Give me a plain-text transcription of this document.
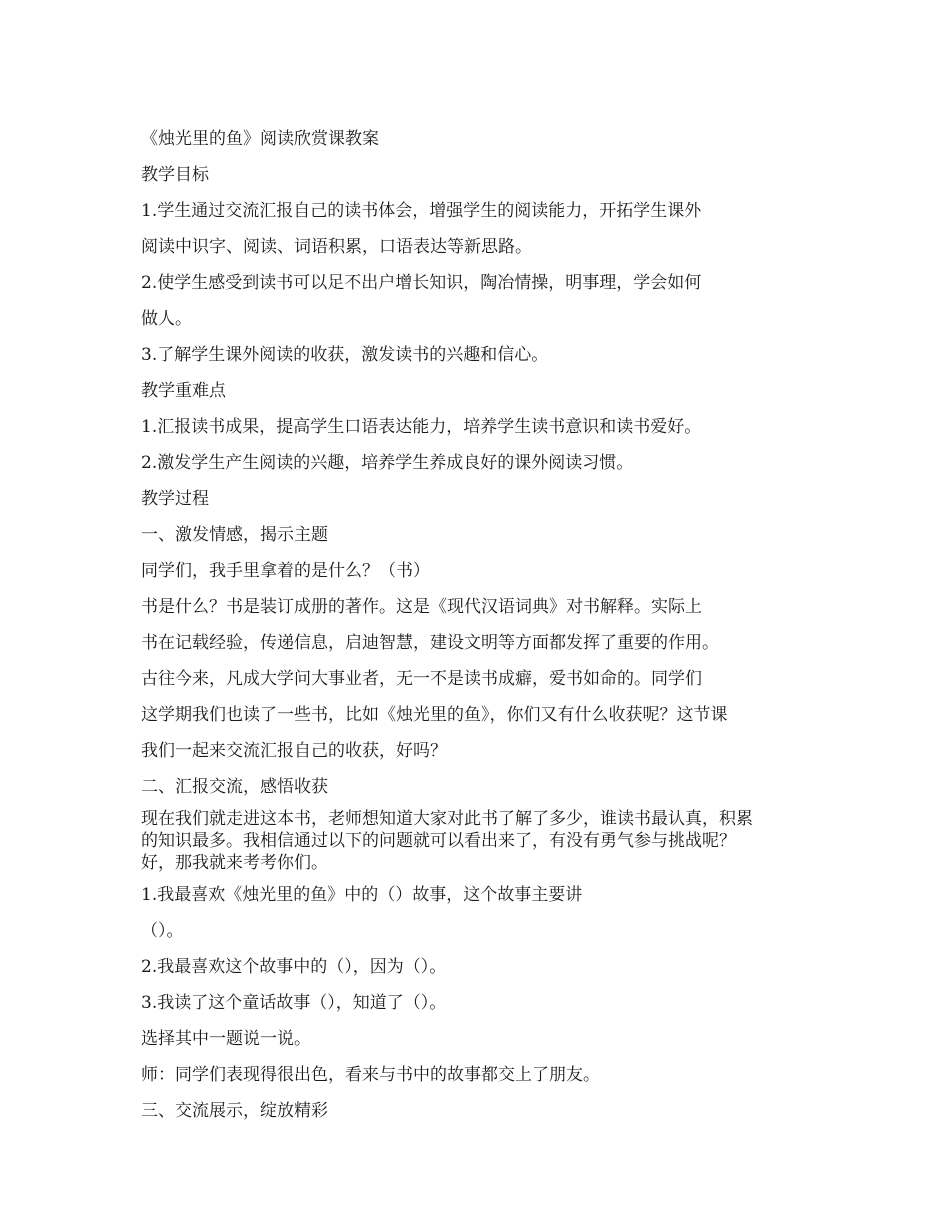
《烛光里的鱼》阅读欣赏课教案
教学目标
1.学生通过交流汇报自己的读书体会，增强学生的阅读能力，开拓学生课外
阅读中识字、阅读、词语积累，口语表达等新思路。
2.使学生感受到读书可以足不出户增长知识，陶冶情操，明事理，学会如何
做人。
3.了解学生课外阅读的收获，激发读书的兴趣和信心。
教学重难点
1.汇报读书成果，提高学生口语表达能力，培养学生读书意识和读书爱好。
2.激发学生产生阅读的兴趣，培养学生养成良好的课外阅读习惯。
教学过程
一、激发情感，揭示主题
同学们，我手里拿着的是什么？（书）
书是什么？书是装订成册的著作。这是《现代汉语词典》对书解释。实际上
书在记载经验，传递信息，启迪智慧，建设文明等方面都发挥了重要的作用。
古往今来，凡成大学问大事业者，无一不是读书成癖，爱书如命的。同学们
这学期我们也读了一些书，比如《烛光里的鱼》，你们又有什么收获呢？这节课
我们一起来交流汇报自己的收获，好吗？
二、汇报交流，感悟收获
现在我们就走进这本书，老师想知道大家对此书了解了多少，谁读书最认真，积累
的知识最多。我相信通过以下的问题就可以看出来了，有没有勇气参与挑战呢？
好，那我就来考考你们。
1.我最喜欢《烛光里的鱼》中的（）故事，这个故事主要讲
（）。
2.我最喜欢这个故事中的（），因为（）。
3.我读了这个童话故事（），知道了（）。
选择其中一题说一说。
师：同学们表现得很出色，看来与书中的故事都交上了朋友。
三、交流展示，绽放精彩
